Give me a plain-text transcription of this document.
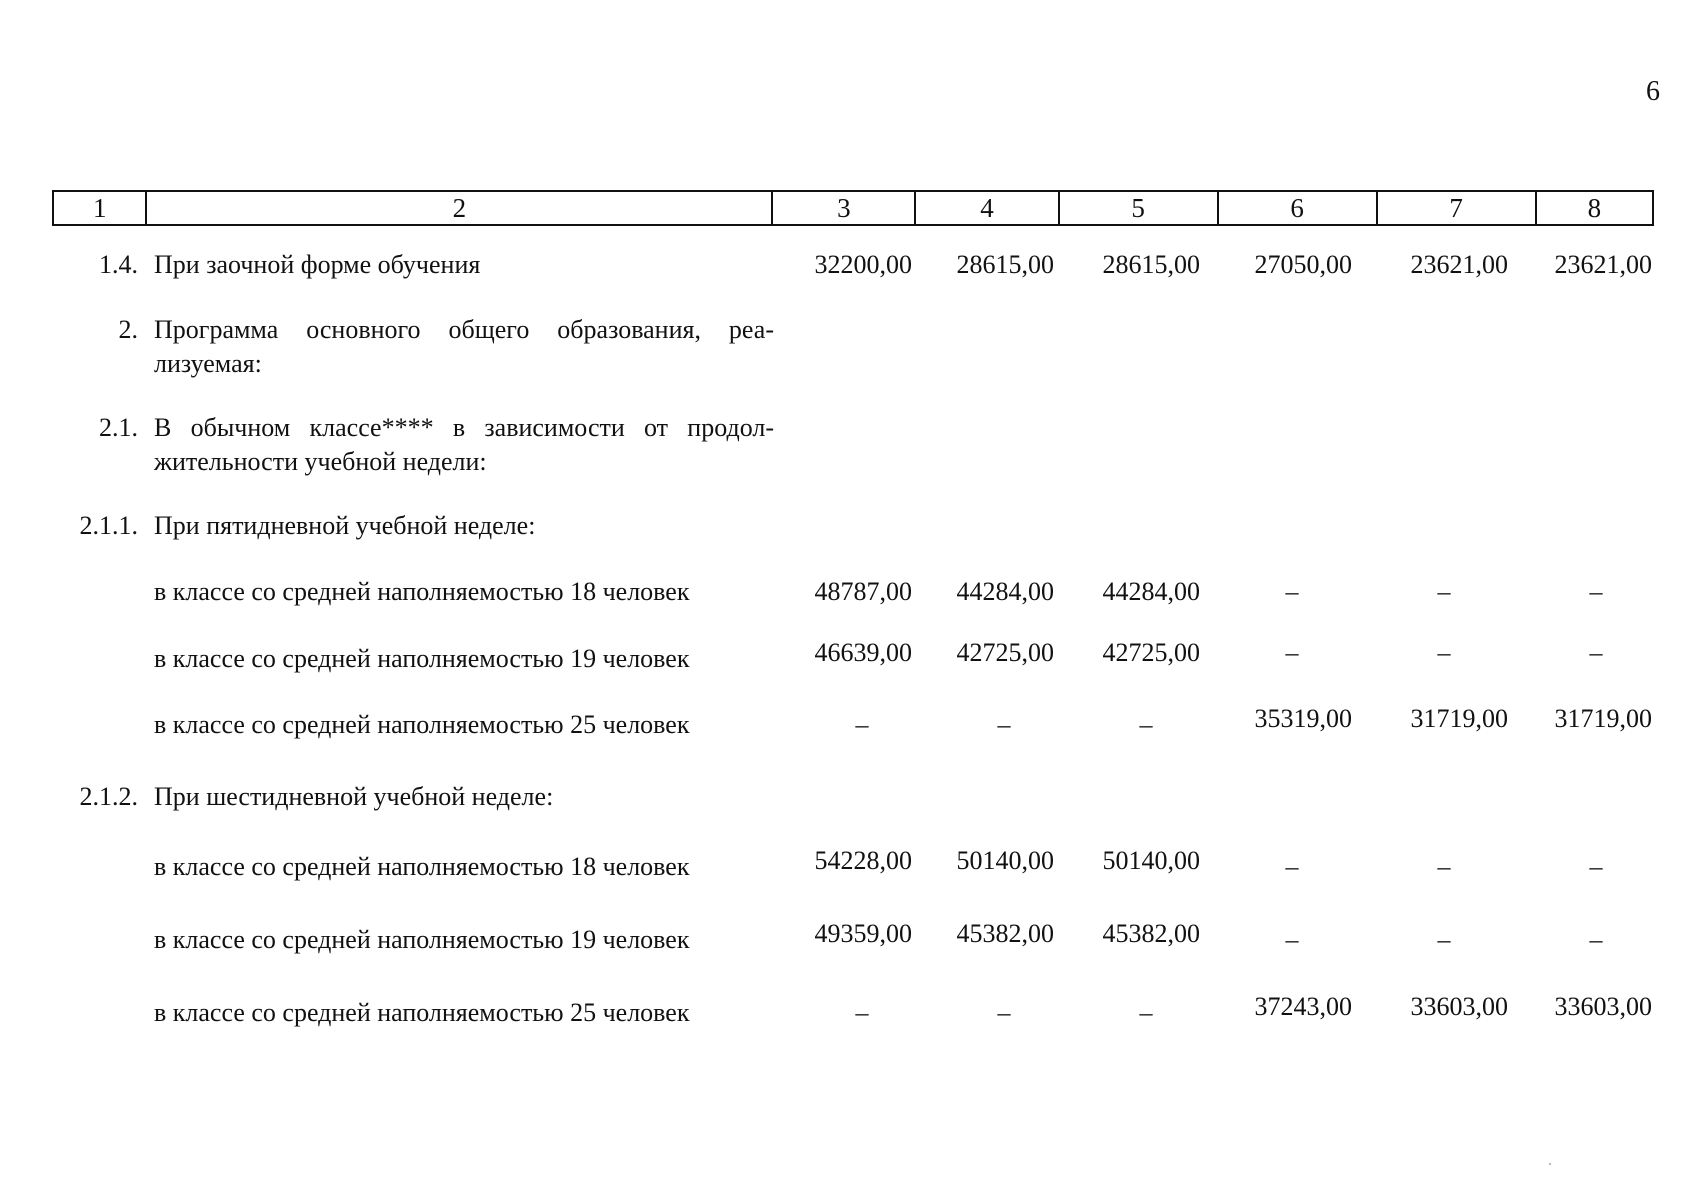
6
1	2	3	4	5	6	7	8
1.4. При заочной форме обучения	32200,00	28615,00	28615,00	27050,00	23621,00	23621,00
2. Программа основного общего образования, реа-лизуемая:
2.1. В обычном классе**** в зависимости от продол-жительности учебной недели:
2.1.1. При пятидневной учебной неделе:
в классе со средней наполняемостью 18 человек	48787,00	44284,00	44284,00	–	–	–
в классе со средней наполняемостью 19 человек	46639,00	42725,00	42725,00	–	–	–
в классе со средней наполняемостью 25 человек	–	–	–	35319,00	31719,00	31719,00
2.1.2. При шестидневной учебной неделе:
в классе со средней наполняемостью 18 человек	54228,00	50140,00	50140,00	–	–	–
в классе со средней наполняемостью 19 человек	49359,00	45382,00	45382,00	–	–	–
в классе со средней наполняемостью 25 человек	–	–	–	37243,00	33603,00	33603,00
